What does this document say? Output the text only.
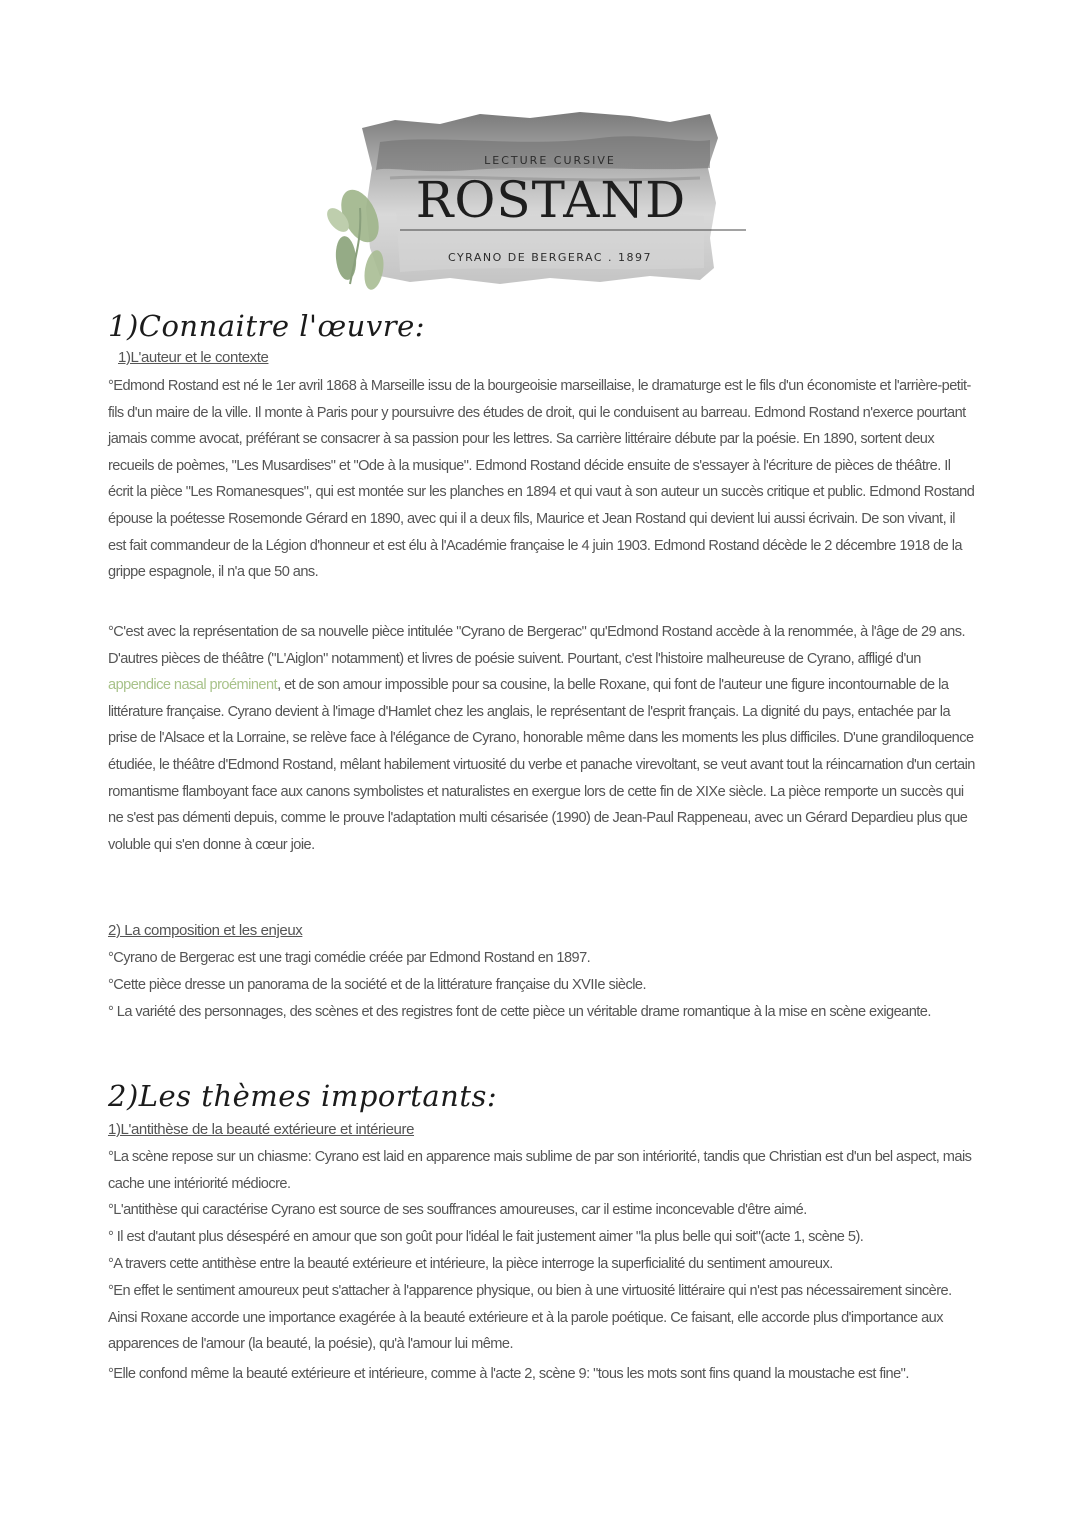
LECTURE CURSIVE
ROSTAND
CYRANO DE BERGERAC . 1897
1)Connaitre l'œuvre:
1)L'auteur et le contexte

°Edmond Rostand est né le 1er avril 1868 à Marseille issu de la bourgeoisie marseillaise, le dramaturge est le fils d'un économiste et l'arrière-petit-fils d'un maire de la ville. Il monte à Paris pour y poursuivre des études de droit, qui le conduisent au barreau. Edmond Rostand n'exerce pourtant jamais comme avocat, préférant se consacrer à sa passion pour les lettres. Sa carrière littéraire débute par la poésie. En 1890, sortent deux recueils de poèmes, "Les Musardises" et "Ode à la musique". Edmond Rostand décide ensuite de s'essayer à l'écriture de pièces de théâtre. Il écrit la pièce "Les Romanesques", qui est montée sur les planches en 1894 et qui vaut à son auteur un succès critique et public. Edmond Rostand épouse la poétesse Rosemonde Gérard en 1890, avec qui il a deux fils, Maurice et Jean Rostand qui devient lui aussi écrivain. De son vivant, il est fait commandeur de la Légion d'honneur et est élu à l'Académie française le 4 juin 1903. Edmond Rostand décède le 2 décembre 1918 de la grippe espagnole, il n'a que 50 ans.

°C'est avec la représentation de sa nouvelle pièce intitulée "Cyrano de Bergerac" qu'Edmond Rostand accède à la renommée, à l'âge de 29 ans. D'autres pièces de théâtre ("L'Aiglon" notamment) et livres de poésie suivent. Pourtant, c'est l'histoire malheureuse de Cyrano, affligé d'un appendice nasal proéminent, et de son amour impossible pour sa cousine, la belle Roxane, qui font de l'auteur une figure incontournable de la littérature française. Cyrano devient à l'image d'Hamlet chez les anglais, le représentant de l'esprit français. La dignité du pays, entachée par la prise de l'Alsace et la Lorraine, se relève face à l'élégance de Cyrano, honorable même dans les moments les plus difficiles. D'une grandiloquence étudiée, le théâtre d'Edmond Rostand, mêlant habilement virtuosité du verbe et panache virevoltant, se veut avant tout la réincarnation d'un certain romantisme flamboyant face aux canons symbolistes et naturalistes en exergue lors de cette fin de XIXe siècle. La pièce remporte un succès qui ne s'est pas démenti depuis, comme le prouve l'adaptation multi césarisée (1990) de Jean-Paul Rappeneau, avec un Gérard Depardieu plus que voluble qui s'en donne à cœur joie.

2) La composition et les enjeux

°Cyrano de Bergerac est une tragi comédie créée par Edmond Rostand en 1897.

°Cette pièce dresse un panorama de la société et de la littérature française du XVIIe siècle.

° La variété des personnages, des scènes et des registres font de cette pièce un véritable drame romantique à la mise en scène exigeante.

2)Les thèmes importants:
1)L'antithèse de la beauté extérieure et intérieure

°La scène repose sur un chiasme: Cyrano est laid en apparence mais sublime de par son intériorité, tandis que Christian est d'un bel aspect, mais cache une intériorité médiocre.

°L'antithèse qui caractérise Cyrano est source de ses souffrances amoureuses, car il estime inconcevable d'être aimé.

° Il est d'autant plus désespéré en amour que son goût pour l'idéal le fait justement aimer "la plus belle qui soit"(acte 1, scène 5).

°A travers cette antithèse entre la beauté extérieure et intérieure, la pièce interroge la superficialité du sentiment amoureux.

°En effet le sentiment amoureux peut s'attacher à l'apparence physique, ou bien à une virtuosité littéraire qui n'est pas nécessairement sincère. Ainsi Roxane accorde une importance exagérée à la beauté extérieure et à la parole poétique. Ce faisant, elle accorde plus d'importance aux apparences de l'amour (la beauté, la poésie), qu'à l'amour lui même.

°Elle confond même la beauté extérieure et intérieure, comme à l'acte 2, scène 9: "tous les mots sont fins quand la moustache est fine".
